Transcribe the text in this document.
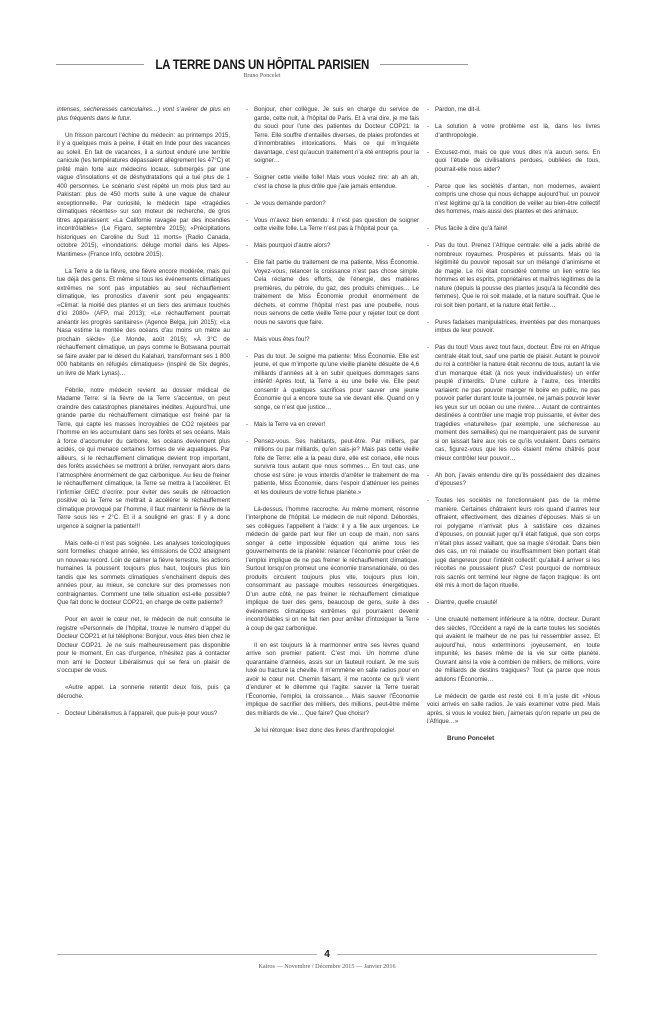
LA TERRE DANS UN HÔPITAL PARISIEN
Bruno Poncelet

intenses, sécheresses caniculaires…) vont s’avérer de plus en plus fréquents dans le futur.

Un frisson parcourt l’échine du médecin: au printemps 2015, il y a quelques mois à peine, il était en Inde pour des vacances au soleil. En fait de vacances, il a surtout enduré une terrible canicule (les températures dépassaient allègrement les 47°C) et prêté main forte aux médecins locaux, submergés par une vague d’insolations et de déshydratations qui a tué plus de 1 400 personnes. Le scénario s’est répété un mois plus tard au Pakistan: plus de 450 morts suite à une vague de chaleur exceptionnelle. Par curiosité, le médecin tape «tragédies climatiques récentes» sur son moteur de recherche, de gros titres apparaissent: «La Californie ravagée par des incendies incontrôlables» (Le Figaro, septembre 2015); «Précipitations historiques en Caroline du Sud: 11 morts» (Radio Canada, octobre 2015), «Inondations: déluge mortel dans les Alpes-Maritimes» (France Info, octobre 2015).

La Terre a de la fièvre, une fièvre encore modérée, mais qui tue déjà des gens. Et même si tous les événements climatiques extrêmes ne sont pas imputables au seul réchauffement climatique, les pronostics d’avenir sont peu engageants: «Climat: la moitié des plantes et un tiers des animaux touchés d’ici 2080» (AFP, mai 2013); «Le réchauffement pourrait anéantir les progrès sanitaires» (Agence Belga, juin 2015); «La Nasa estime la montée des océans d’au moins un mètre au prochain siècle» (Le Monde, août 2015); «À 3°C de réchauffement climatique, un pays comme le Botswana pourrait se faire avaler par le désert du Kalahari, transformant ses 1 800 000 habitants en réfugiés climatiques» (inspiré de Six degrés, un livre de Mark Lynas)…

Fébrile, notre médecin revient au dossier médical de Madame Terre: si la fièvre de la Terre s’accentue, on peut craindre des catastrophes planétaires inédites. Aujourd’hui, une grande partie du réchauffement climatique est freiné par la Terre, qui capte les masses incroyables de CO2 rejetées par l’homme en les accumulant dans ses forêts et ses océans. Mais à force d’accumuler du carbone, les océans deviennent plus acides, ce qui menace certaines formes de vie aquatiques. Par ailleurs, si le réchauffement climatique devient trop important, des forêts asséchées se mettront à brûler, renvoyant alors dans l’atmosphère énormément de gaz carbonique. Au lieu de freiner le réchauffement climatique, la Terre se mettra à l’accélérer. Et l’infirmier GIEC d’écrire: pour éviter des seuils de rétroaction positive où la Terre se mettrait à accélérer le réchauffement climatique provoqué par l’homme, il faut maintenir la fièvre de la Terre sous les + 2°C. Et il a souligné en gras: Il y a donc urgence à soigner la patiente!!!

Mais celle-ci n’est pas soignée. Les analyses toxicologiques sont formelles: chaque année, les émissions de CO2 atteignent un nouveau record. Loin de calmer la fièvre terrestre, les actions humaines la poussent toujours plus haut, toujours plus loin tandis que les sommets climatiques s’enchaînent depuis des années pour, au mieux, se conclure sur des promesses non contraignantes. Comment une telle situation est-elle possible? Que fait donc le docteur COP21, en charge de cette patiente?

Pour en avoir le cœur net, le médecin de nuit consulte le registre «Personnel» de l’hôpital, trouve le numéro d’appel du Docteur COP21 et lui téléphone: Bonjour, vous êtes bien chez le Docteur COP21. Je ne suis malheureusement pas disponible pour le moment. En cas d’urgence, n’hésitez pas à contacter mon ami le Docteur Libéralismus qui se fera un plaisir de s’occuper de vous.

«Autre appel. La sonnerie retentit deux fois, puis ça décroche.

- Docteur Libéralismus à l’appareil, que puis-je pour vous?

- Bonjour, cher collègue. Je suis en charge du service de garde, cette nuit, à l’hôpital de Paris. Et à vrai dire, je me fais du souci pour l’une des patientes du Docteur COP21: la Terre. Elle souffre d’entailles diverses, de plaies profondes et d’innombrables intoxications. Mais ce qui m’inquiète davantage, c’est qu’aucun traitement n’a été entrepris pour la soigner…

- Soigner cette vieille folle! Mais vous voulez rire: ah ah ah, c’est la chose la plus drôle que j’aie jamais entendue.

- Je vous demande pardon?

- Vous m’avez bien entendu: il n’est pas question de soigner cette vieille folle. La Terre n’est pas à l’hôpital pour ça.

- Mais pourquoi d’autre alors?

- Elle fait partie du traitement de ma patiente, Miss Économie. Voyez-vous, relancer la croissance n’est pas chose simple. Cela réclame des efforts, de l’énergie, des matières premières, du pétrole, du gaz, des produits chimiques… Le traitement de Miss Économie produit énormément de déchets, et comme l’hôpital n’est pas une poubelle, nous nous servons de cette vieille Terre pour y rejeter tout ce dont nous ne savons que faire.

- Mais vous êtes fou!?

- Pas du tout. Je soigne ma patiente: Miss Économie. Elle est jeune, et que m’importe qu’une vieille planète désuète de 4,6 milliards d’années ait à en subir quelques dommages sans intérêt! Après tout, la Terre a eu une belle vie. Elle peut consentir à quelques sacrifices pour sauver une jeune Économie qui a encore toute sa vie devant elle. Quand on y songe, ce n’est que justice…

- Mais la Terre va en crever!

- Pensez-vous. Ses habitants, peut-être. Par milliers, par millions ou par milliards, qu’en sais-je? Mais pas cette vieille folle de Terre: elle a la peau dure, elle est coriace, elle nous survivra tous autant que nous sommes… En tout cas, une chose est sûre: je vous interdis d’arrêter le traitement de ma patiente, Miss Économie, dans l’espoir d’atténuer les peines et les douleurs de votre fichue planète.»

Là-dessus, l’homme raccroche. Au même moment, résonne l’interphone de l’hôpital. Le médecin de nuit répond. Débordés, ses collègues l’appellent à l’aide: il y a file aux urgences. Le médecin de garde part leur filer un coup de main, non sans songer à cette impossible équation qui anime tous les gouvernements de la planète: relancer l’économie pour créer de l’emploi implique de ne pas freiner le réchauffement climatique. Surtout lorsqu’on promeut une économie transnationale, où des produits circulent toujours plus vite, toujours plus loin, consommant au passage moultes ressources énergétiques. D’un autre côté, ne pas freiner le réchauffement climatique implique de tuer des gens, beaucoup de gens, suite à des événements climatiques extrêmes qui pourraient devenir incontrôlables si on ne fait rien pour arrêter d’intoxiquer la Terre à coup de gaz carbonique.

Il en est toujours là à marmonner entre ses lèvres quand arrive son premier patient. C’est moi. Un homme d’une quarantaine d’années, assis sur un fauteuil roulant. Je me suis luxé ou fracturé la cheville. Il m’emmène en salle radios pour en avoir le cœur net. Chemin faisant, il me raconte ce qu’il vient d’endurer et le dilemme qui l’agite: sauver la Terre tuerait l’Économie, l’emploi, la croissance… Mais sauver l’Économie implique de sacrifier des milliers, des millions, peut-être même des milliards de vie… Que faire? Que choisir?

Je lui rétorque: lisez donc des livres d’anthropologie!

- Pardon, me dit-il.

- La solution à votre problème est là, dans les livres d’anthropologie.

- Excusez-moi, mais ce que vous dites n’a aucun sens. En quoi l’étude de civilisations perdues, oubliées de tous, pourrait-elle nous aider?

- Parce que les sociétés d’antan, non modernes, avaient compris une chose qui nous échappe aujourd’hui: un pouvoir n’est légitime qu’à la condition de veiller au bien-être collectif des hommes, mais aussi des plantes et des animaux.

- Plus facile à dire qu’à faire!

- Pas du tout. Prenez l’Afrique centrale: elle a jadis abrité de nombreux royaumes. Prospères et puissants. Mais où la légitimité du pouvoir reposait sur un mélange d’animisme et de magie. Le roi était considéré comme un lien entre les hommes et les esprits, propriétaires et maîtres légitimes de la nature (depuis la pousse des plantes jusqu’à la fécondité des femmes). Que le roi soit malade, et la nature souffrait. Que le roi soit bien portant, et la nature était fertile…

- Pures fadaises manipulatrices, inventées par des monarques imbus de leur pouvoir.

- Pas du tout! Vous avez tout faux, docteur. Être roi en Afrique centrale était tout, sauf une partie de plaisir. Autant le pouvoir du roi à contrôler la nature était reconnu de tous, autant la vie d’un monarque était (à nos yeux individualistes) un enfer peuplé d’interdits. D’une culture à l’autre, ces interdits variaient: ne pas pouvoir manger ni boire en public, ne pas pouvoir parler durant toute la journée, ne jamais pouvoir lever les yeux sur un océan ou une rivière… Autant de contraintes destinées à contrôler une magie trop puissante, et éviter des tragédies «naturelles» (par exemple, une sécheresse au moment des semailles) qui ne manqueraient pas de survenir si on laissait faire aux rois ce qu’ils voulaient. Dans certains cas, figurez-vous que les rois étaient même châtrés pour mieux contrôler leur pouvoir…

- Ah bon, j’avais entendu dire qu’ils possédaient des dizaines d’épouses?

- Toutes les sociétés ne fonctionnaient pas de la même manière. Certaines châtraient leurs rois quand d’autres leur offraient, effectivement, des dizaines d’épouses. Mais si un roi polygame n’arrivait plus à satisfaire ces dizaines d’épouses, on pouvait juger qu’il était fatigué, que son corps n’était plus assez vaillant, que sa magie s’érodait. Dans bien des cas, un roi malade ou insuffisamment bien portant était jugé dangereux pour l’intérêt collectif: qu’allait-il arriver si les récoltes ne poussaient plus? C’est pourquoi de nombreux rois sacrés ont terminé leur règne de façon tragique: ils ont été mis à mort de façon rituelle.

- Diantre, quelle cruauté!

- Une cruauté nettement inférieure à la nôtre, docteur. Durant des siècles, l’Occident a rayé de la carte toutes les sociétés qui avaient le malheur de ne pas lui ressembler assez. Et aujourd’hui, nous exterminons joyeusement, en toute impunité, les bases même de la vie sur cette planète. Ouvrant ainsi la voie à combien de milliers, de millions, voire de milliards de destins tragiques? Tout ça parce que nous adulons l’Économie…

Le médecin de garde est resté coi. Il m’a juste dit: «Nous voici arrivés en salle radios. Je vais examiner votre pied. Mais après, si vous le voulez bien, j’aimerais qu’on reparle un peu de l’Afrique…»

Bruno Poncelet

4
Kairos — Novembre / Décembre 2015 — Janvier 2016
